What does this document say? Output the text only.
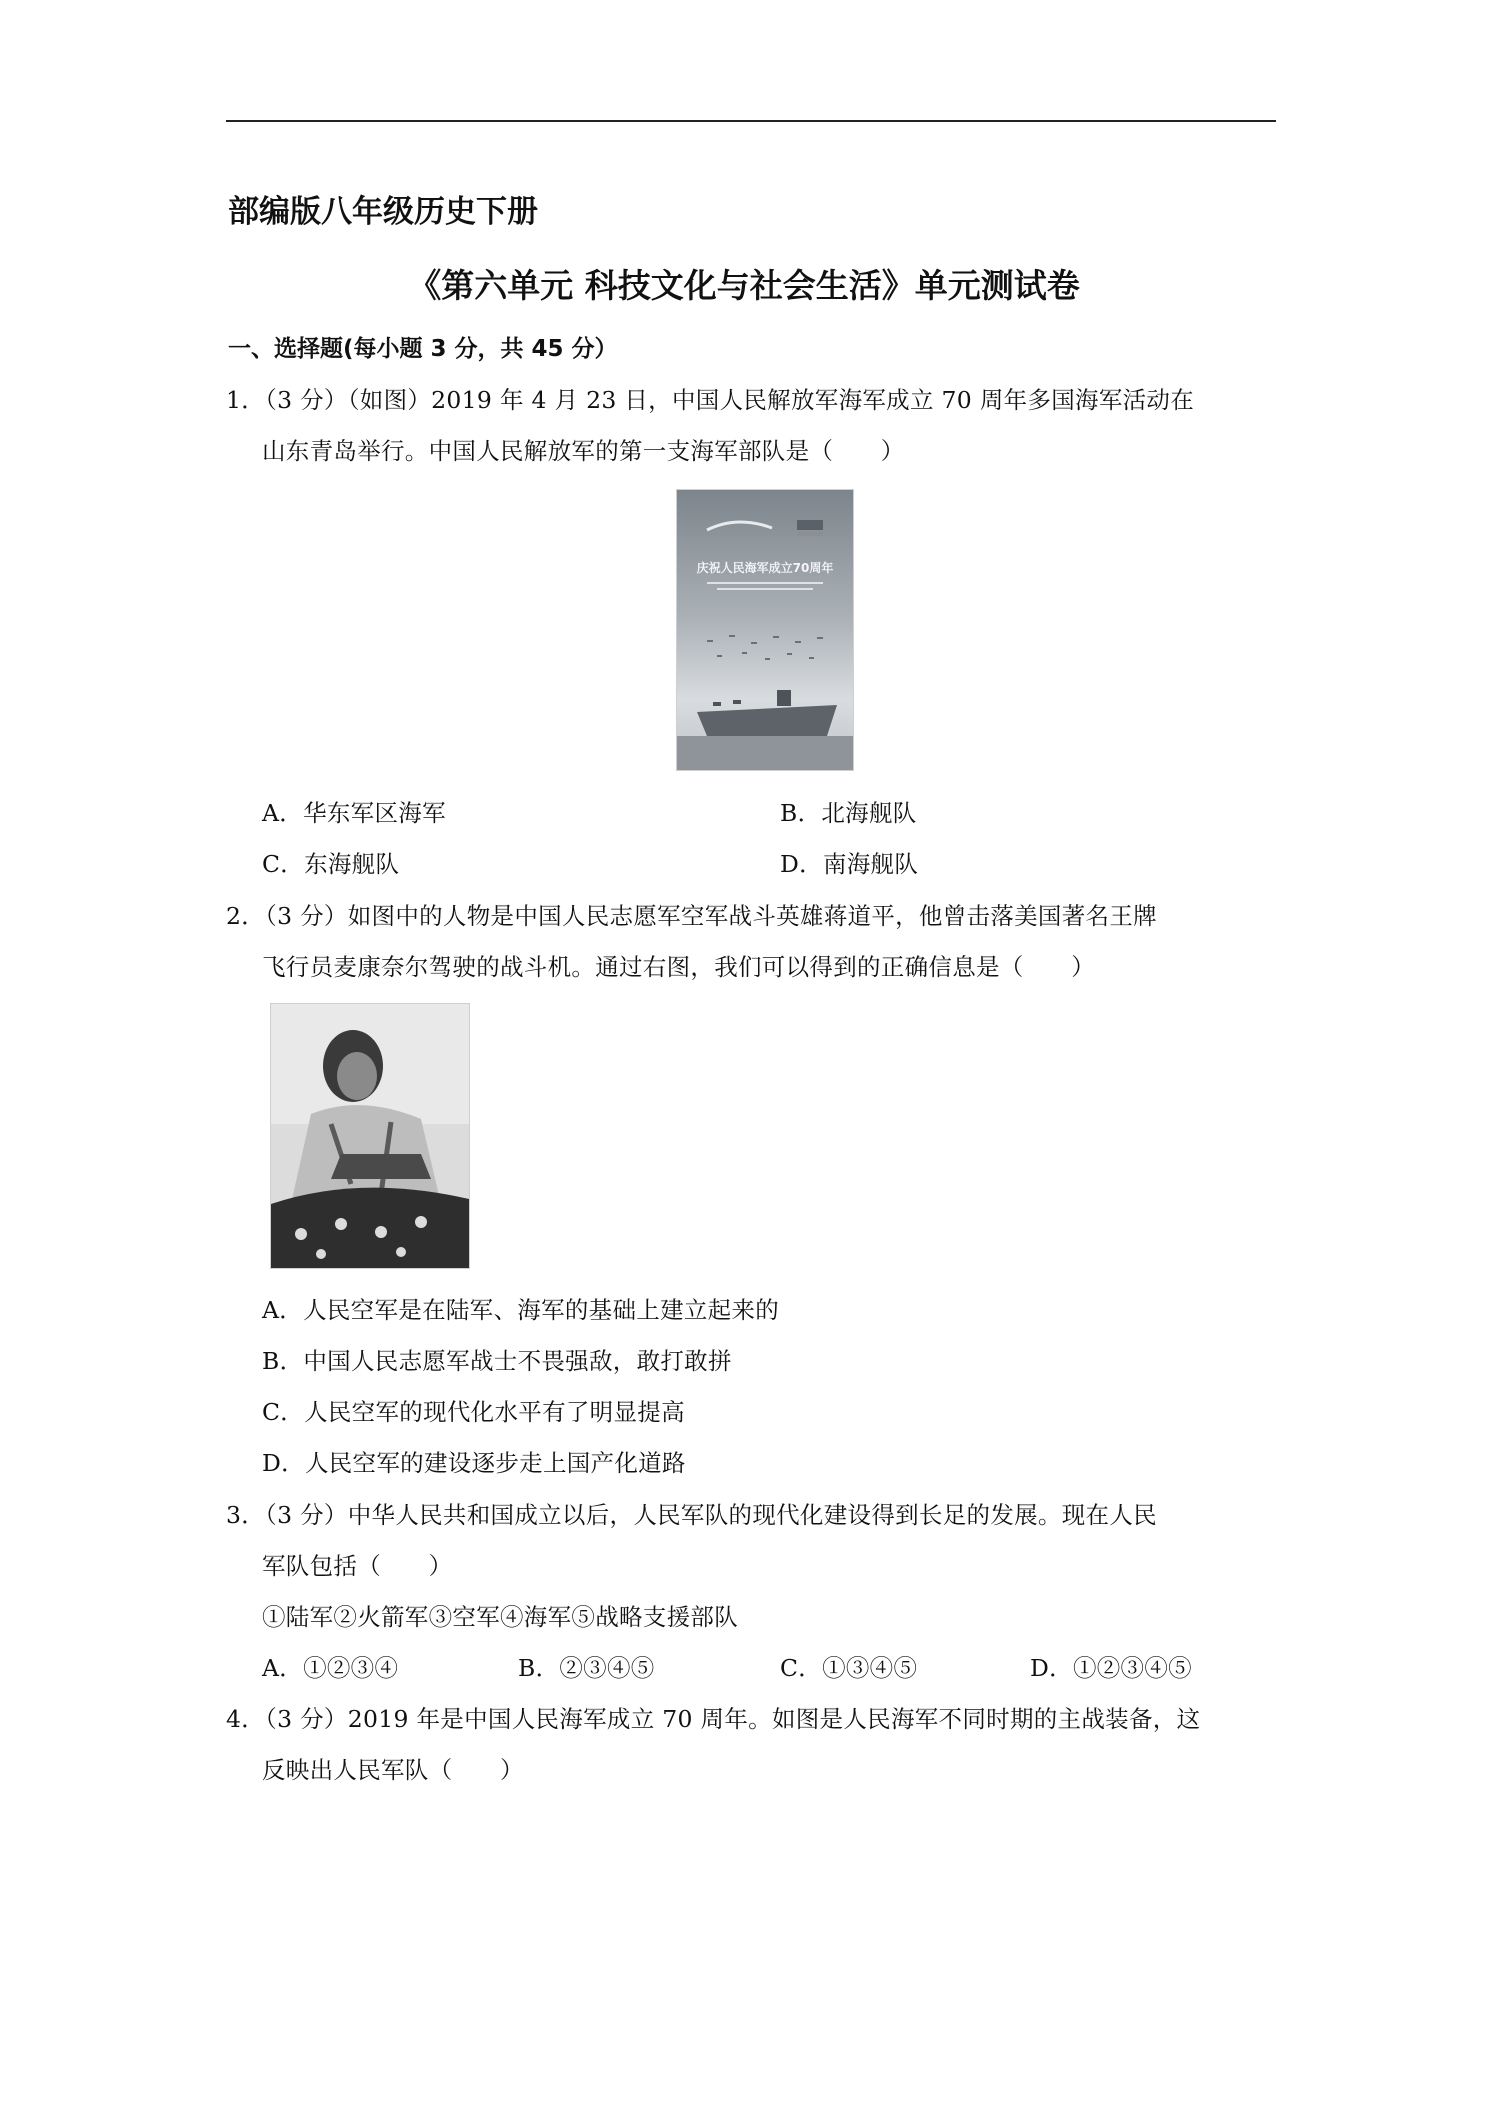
部编版八年级历史下册
《第六单元 科技文化与社会生活》单元测试卷
一、选择题(每小题 3 分，共 45 分）
1．（3 分）（如图）2019 年 4 月 23 日，中国人民解放军海军成立 70 周年多国海军活动在
山东青岛举行。中国人民解放军的第一支海军部队是（　　）
庆祝人民海军成立70周年
A．华东军区海军	B．北海舰队
C．东海舰队	D．南海舰队
2．（3 分）如图中的人物是中国人民志愿军空军战斗英雄蒋道平，他曾击落美国著名王牌
飞行员麦康奈尔驾驶的战斗机。通过右图，我们可以得到的正确信息是（　　）
A．人民空军是在陆军、海军的基础上建立起来的
B．中国人民志愿军战士不畏强敌，敢打敢拼
C．人民空军的现代化水平有了明显提高
D．人民空军的建设逐步走上国产化道路
3．（3 分）中华人民共和国成立以后，人民军队的现代化建设得到长足的发展。现在人民
军队包括（　　）
①陆军②火箭军③空军④海军⑤战略支援部队
A．①②③④	B．②③④⑤	C．①③④⑤	D．①②③④⑤
4．（3 分）2019 年是中国人民海军成立 70 周年。如图是人民海军不同时期的主战装备，这
反映出人民军队（　　）
